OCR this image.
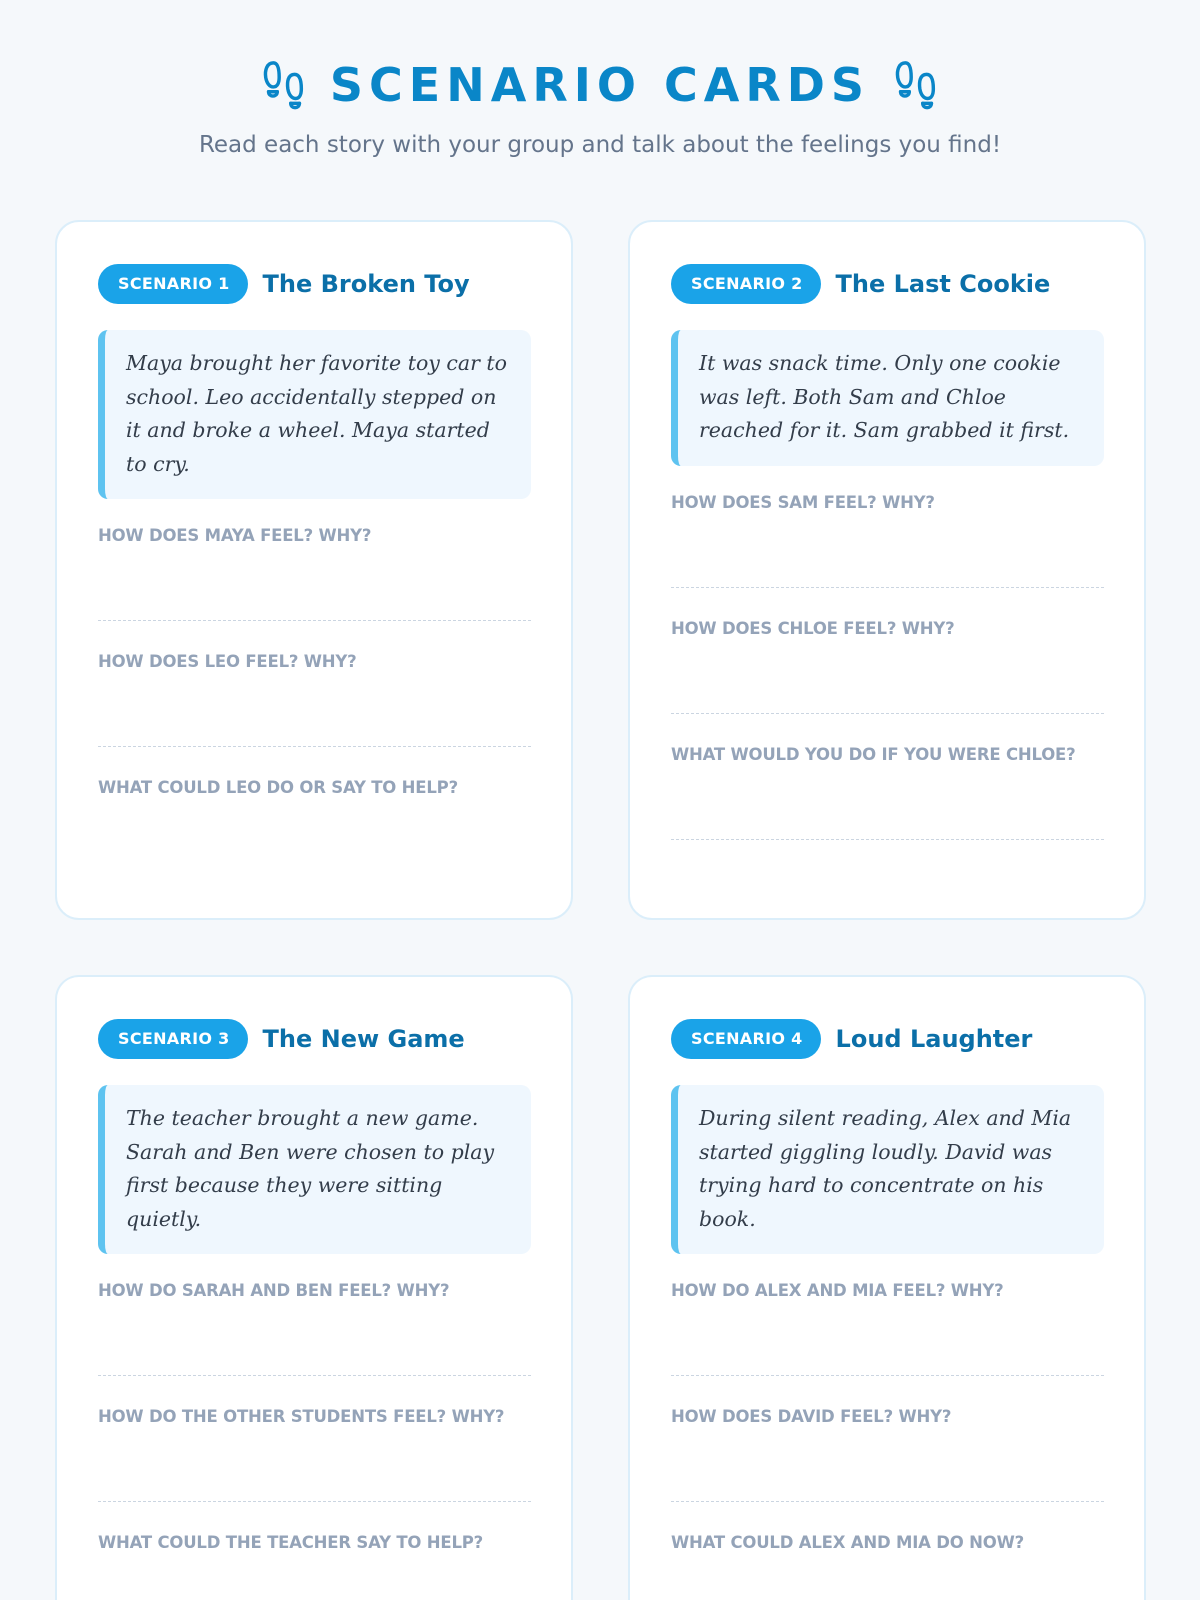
SCENARIO CARDS

Read each story with your group and talk about the feelings you find!

SCENARIO 1	The Broken Toy
Maya brought her favorite toy car to school. Leo accidentally stepped on it and broke a wheel. Maya started to cry.
HOW DOES MAYA FEEL? WHY?
HOW DOES LEO FEEL? WHY?
WHAT COULD LEO DO OR SAY TO HELP?
SCENARIO 2	The Last Cookie
It was snack time. Only one cookie was left. Both Sam and Chloe reached for it. Sam grabbed it first.
HOW DOES SAM FEEL? WHY?
HOW DOES CHLOE FEEL? WHY?
WHAT WOULD YOU DO IF YOU WERE CHLOE?
SCENARIO 3	The New Game
The teacher brought a new game. Sarah and Ben were chosen to play first because they were sitting quietly.
HOW DO SARAH AND BEN FEEL? WHY?
HOW DO THE OTHER STUDENTS FEEL? WHY?
WHAT COULD THE TEACHER SAY TO HELP?
SCENARIO 4	Loud Laughter
During silent reading, Alex and Mia started giggling loudly. David was trying hard to concentrate on his book.
HOW DO ALEX AND MIA FEEL? WHY?
HOW DOES DAVID FEEL? WHY?
WHAT COULD ALEX AND MIA DO NOW?
